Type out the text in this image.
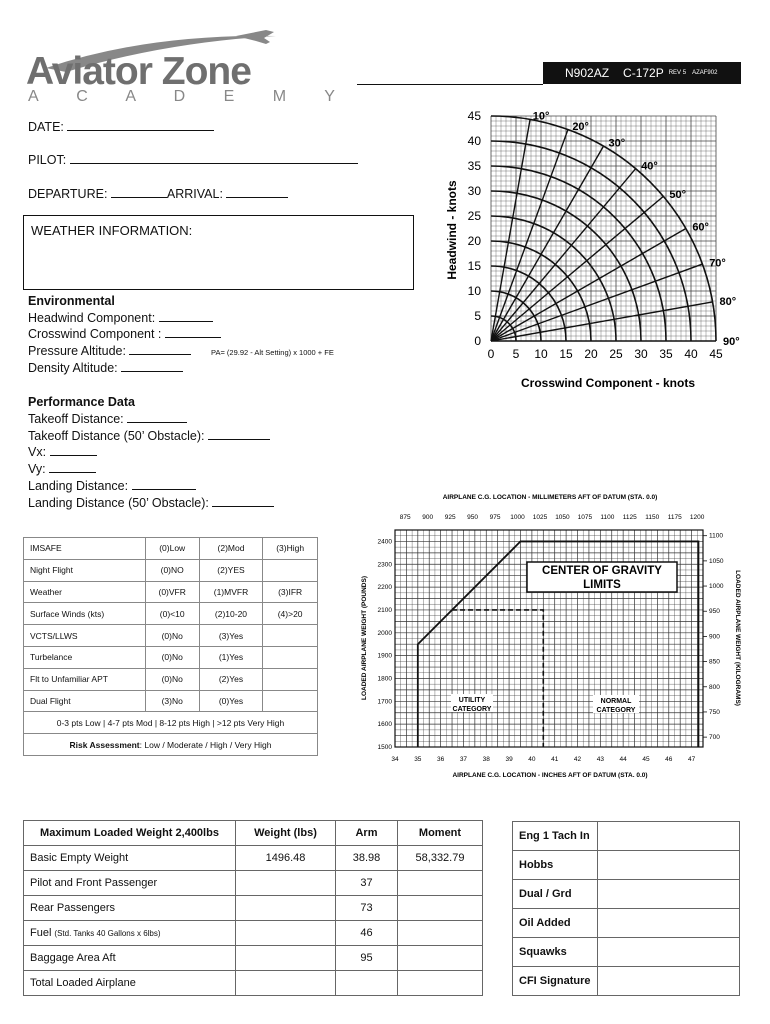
Aviator Zone
A C A D E M Y
N902AZ C-172P REV 5 AZAF902
DATE:
PILOT:
DEPARTURE:	ARRIVAL:
WEATHER INFORMATION:
Environmental
Headwind Component:
Crosswind Component :
Pressure Altitude:	PA= (29.92 - Alt Setting) x 1000 + FE
Density Altitude:
Performance Data
Takeoff Distance:
Takeoff Distance (50’ Obstacle):
Vx:
Vy:
Landing Distance:
Landing Distance (50’ Obstacle):
10°
20°
30°
40°
50°
60°
70°
80°
90°
0 5 10 15 20 25 30 35 40 45
0
5
10
15
20
25
30
35
40
45
Crosswind Component - knots
Headwind - knots
IMSAFE	(0)Low	(2)Mod	(3)High
Night Flight	(0)NO	(2)YES	
Weather	(0)VFR	(1)MVFR	(3)IFR
Surface Winds (kts)	(0)<10	(2)10-20	(4)>20
VCTS/LLWS	(0)No	(3)Yes	
Turbelance	(0)No	(1)Yes	
Flt to Unfamiliar APT	(0)No	(2)Yes	
Dual Flight	(3)No	(0)Yes	
0-3 pts Low | 4-7 pts Mod | 8-12 pts High | >12 pts Very High			
Risk Assessment: Low / Moderate / High / Very High			
CENTER OF GRAVITY
LIMITS
UTILITY
CATEGORY
NORMAL
CATEGORY
AIRPLANE C.G. LOCATION - MILLIMETERS AFT OF DATUM (STA. 0.0)
AIRPLANE C.G. LOCATION - INCHES AFT OF DATUM (STA. 0.0)
LOADED AIRPLANE WEIGHT (POUNDS)	LOADED AIRPLANE WEIGHT (KILOGRAMS)
34 35 36 37 38 39 40 41 42 43 44 45 46 47
875 900 925 950 975 1000 1025 1050 1075 1100 1125 1150 1175 1200
2400
2300
2200
2100
2000
1900
1800
1700
1600
1500
1100
1050
1000
950
900
850
800
750
700
Maximum Loaded Weight 2,400lbs	Weight (lbs)	Arm	Moment
Basic Empty Weight	1496.48	38.98	58,332.79
Pilot and Front Passenger		37	
Rear Passengers		73	
Fuel (Std. Tanks 40 Gallons x 6lbs)		46	
Baggage Area Aft		95	
Total Loaded Airplane			
Eng 1 Tach In	
Hobbs	
Dual / Grd	
Oil Added	
Squawks	
CFI Signature	
